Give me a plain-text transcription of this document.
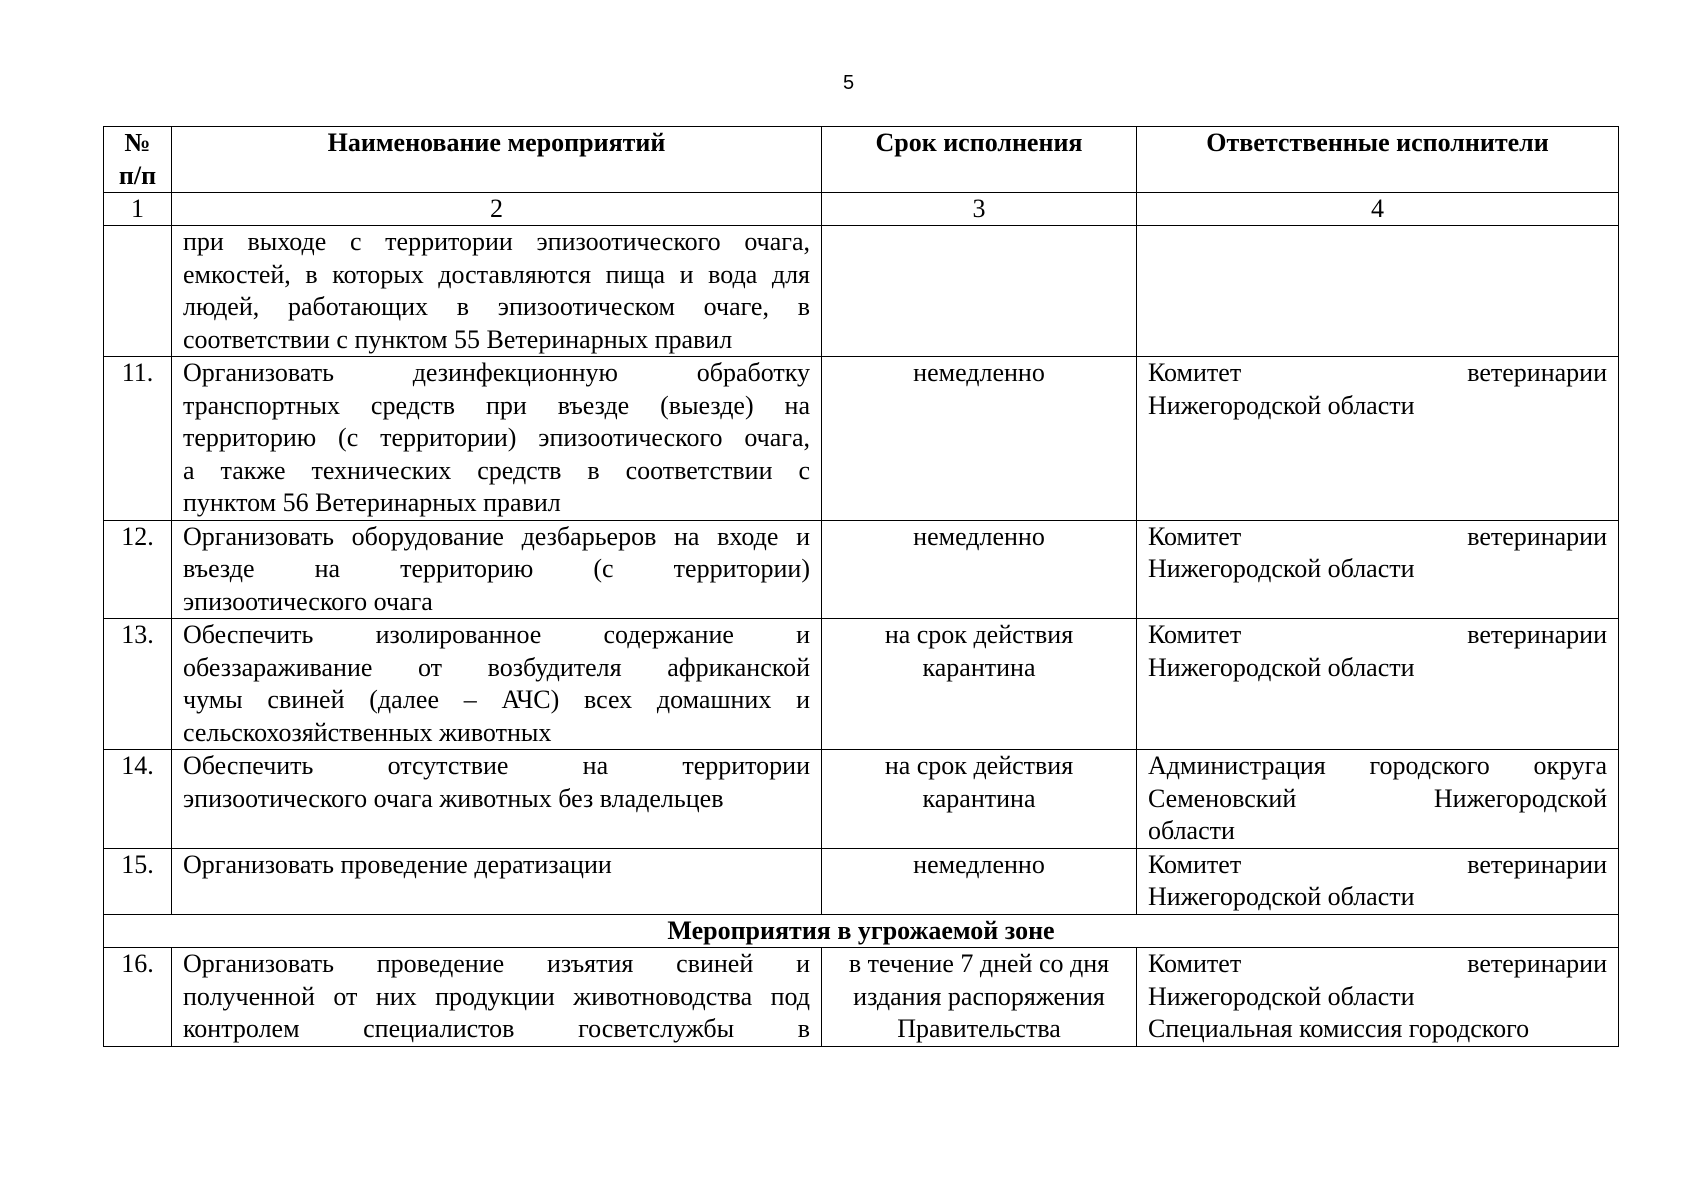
5
№ п/п	Наименование мероприятий	Срок исполнения	Ответственные исполнители
1	2	3	4

	при выходе с территории эпизоотического очага,
емкостей, в которых доставляются пища и вода для
людей, работающих в эпизоотическом очаге, в
соответствии с пунктом 55 Ветеринарных правил		

11.	Организовать дезинфекционную обработку
транспортных средств при въезде (выезде) на
территорию (с территории) эпизоотического очага,
а также технических средств в соответствии с
пунктом 56 Ветеринарных правил	немедленно	Комитет ветеринарии
Нижегородской области

12.	Организовать оборудование дезбарьеров на входе и
въезде на территорию (с территории)
эпизоотического очага	немедленно	Комитет ветеринарии
Нижегородской области

13.	Обеспечить изолированное содержание и
обеззараживание от возбудителя африканской
чумы свиней (далее – АЧС) всех домашних и
сельскохозяйственных животных	на срок действия
карантина	Комитет ветеринарии
Нижегородской области

14.	Обеспечить отсутствие на территории
эпизоотического очага животных без владельцев	на срок действия
карантина	Администрация городского округа
Семеновский Нижегородской
области

15.	Организовать проведение дератизации	немедленно	Комитет ветеринарии
Нижегородской области

Мероприятия в угрожаемой зоне			
16.	Организовать проведение изъятия свиней и
полученной от них продукции животноводства под
контролем специалистов госветслужбы в	в течение 7 дней со дня
издания распоряжения
Правительства	Комитет ветеринарии
Нижегородской области
Специальная комиссия городского
